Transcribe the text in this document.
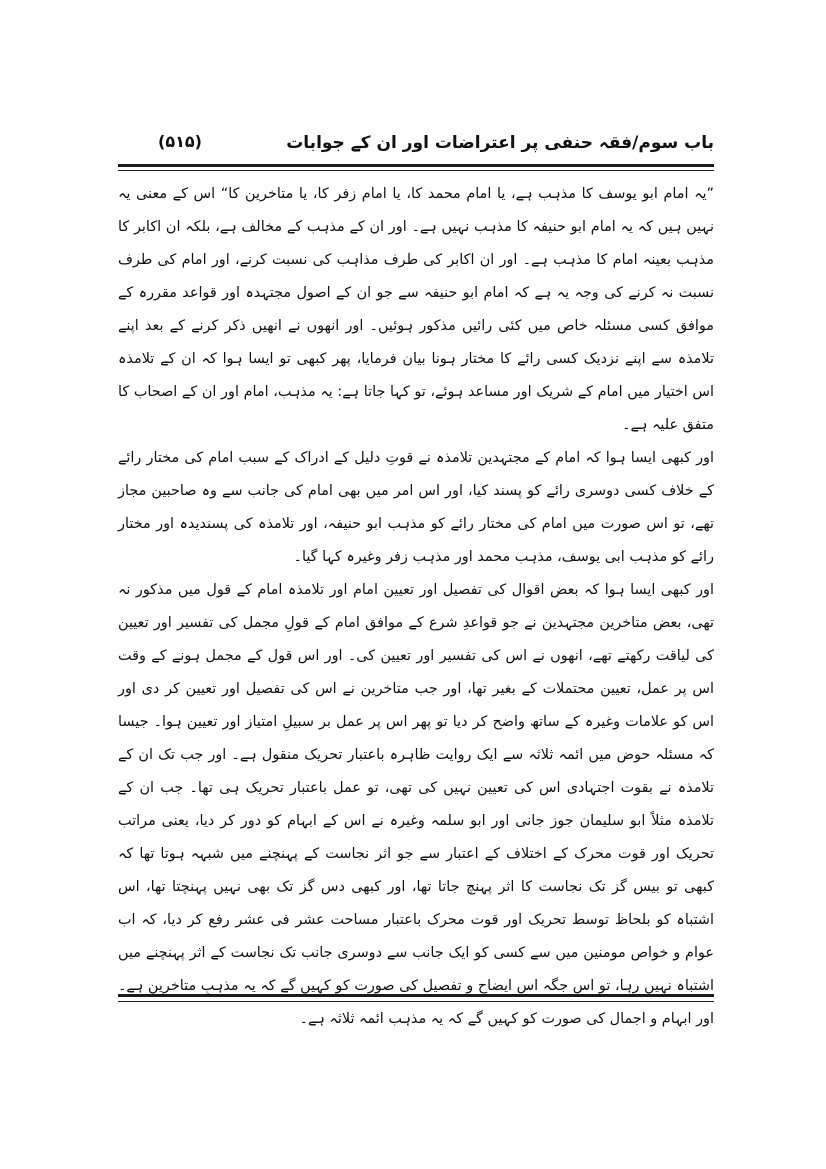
باب سوم/فقہ حنفی پر اعتراضات اور ان کے جوابات
(۵۱۵)

”یہ امام ابو یوسف کا مذہب ہے، یا امام محمد کا، یا امام زفر کا، یا متاخرین کا“ اس کے معنی یہ نہیں ہیں کہ یہ امام ابو حنیفہ کا مذہب نہیں ہے۔ اور ان کے مذہب کے مخالف ہے، بلکہ ان اکابر کا مذہب بعینہ امام کا مذہب ہے۔ اور ان اکابر کی طرف مذاہب کی نسبت کرنے، اور امام کی طرف نسبت نہ کرنے کی وجہ یہ ہے کہ امام ابو حنیفہ سے جو ان کے اصول مجتہدہ اور قواعد مقررہ کے موافق کسی مسئلہ خاص میں کئی رائیں مذکور ہوئیں۔ اور انھوں نے انھیں ذکر کرنے کے بعد اپنے تلامذہ سے اپنے نزدیک کسی رائے کا مختار ہونا بیان فرمایا، پھر کبھی تو ایسا ہوا کہ ان کے تلامذہ اس اختیار میں امام کے شریک اور مساعد ہوئے، تو کہا جاتا ہے: یہ مذہب، امام اور ان کے اصحاب کا متفق علیہ ہے۔

اور کبھی ایسا ہوا کہ امام کے مجتہدین تلامذہ نے قوتِ دلیل کے ادراک کے سبب امام کی مختار رائے کے خلاف کسی دوسری رائے کو پسند کیا، اور اس امر میں بھی امام کی جانب سے وہ صاحبین مجاز تھے، تو اس صورت میں امام کی مختار رائے کو مذہب ابو حنیفہ، اور تلامذہ کی پسندیدہ اور مختار رائے کو مذہب ابی یوسف، مذہب محمد اور مذہب زفر وغیرہ کہا گیا۔

اور کبھی ایسا ہوا کہ بعض اقوال کی تفصیل اور تعیین امام اور تلامذہ امام کے قول میں مذکور نہ تھی، بعض متاخرین مجتہدین نے جو قواعدِ شرع کے موافق امام کے قولِ مجمل کی تفسیر اور تعیین کی لیاقت رکھتے تھے، انھوں نے اس کی تفسیر اور تعیین کی۔ اور اس قول کے مجمل ہونے کے وقت اس پر عمل، تعیین محتملات کے بغیر تھا، اور جب متاخرین نے اس کی تفصیل اور تعیین کر دی اور اس کو علامات وغیرہ کے ساتھ واضح کر دیا تو پھر اس پر عمل بر سبیلِ امتیاز اور تعیین ہوا۔ جیسا کہ مسئلہ حوض میں ائمہ ثلاثہ سے ایک روایت ظاہرہ باعتبار تحریک منقول ہے۔ اور جب تک ان کے تلامذہ نے بقوت اجتہادی اس کی تعیین نہیں کی تھی، تو عمل باعتبار تحریک ہی تھا۔ جب ان کے تلامذہ مثلاً ابو سلیمان جوز جانی اور ابو سلمہ وغیرہ نے اس کے ابہام کو دور کر دیا، یعنی مراتب تحریک اور قوت محرک کے اختلاف کے اعتبار سے جو اثر نجاست کے پہنچنے میں شبہہ ہوتا تھا کہ کبھی تو بیس گز تک نجاست کا اثر پہنچ جاتا تھا، اور کبھی دس گز تک بھی نہیں پہنچتا تھا، اس اشتباہ کو بلحاظ توسط تحریک اور قوت محرک باعتبار مساحت عشر فی عشر رفع کر دیا، کہ اب عوام و خواص مومنین میں سے کسی کو ایک جانب سے دوسری جانب تک نجاست کے اثر پہنچنے میں اشتباہ نہیں رہا، تو اس جگہ اس ایضاح و تفصیل کی صورت کو کہیں گے کہ یہ مذہبِ متاخرین ہے۔ اور ابہام و اجمال کی صورت کو کہیں گے کہ یہ مذہب ائمہ ثلاثہ ہے۔
